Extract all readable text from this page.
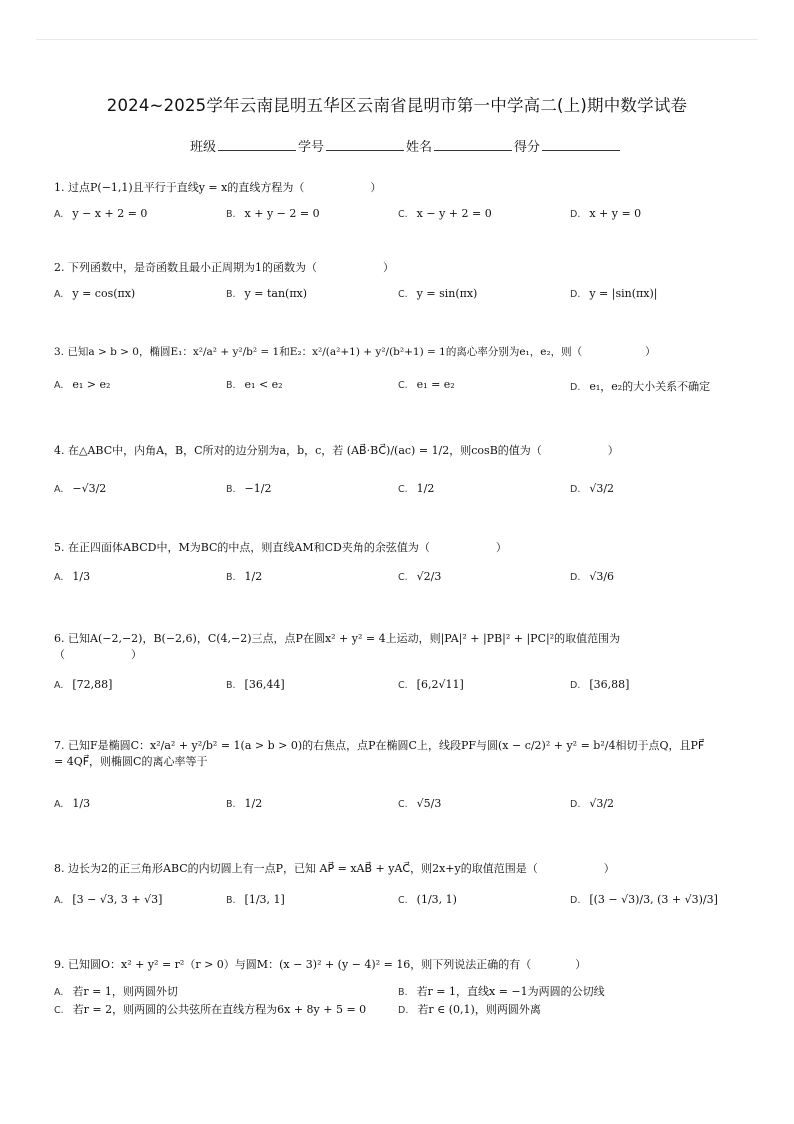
2024~2025学年云南昆明五华区云南省昆明市第一中学高二(上)期中数学试卷
班级	学号	姓名	得分
1. 过点P(−1,1)且平行于直线y = x的直线方程为（　　　　　　）
A. y − x + 2 = 0	B. x + y − 2 = 0	C. x − y + 2 = 0	D. x + y = 0
2. 下列函数中，是奇函数且最小正周期为1的函数为（　　　　　　）
A. y = cos(πx)	B. y = tan(πx)	C. y = sin(πx)	D. y = |sin(πx)|
3. 已知a > b > 0，椭圆E₁：x²/a² + y²/b² = 1和E₂：x²/(a²+1) + y²/(b²+1) = 1的离心率分别为e₁，e₂，则（　　　　　　）
A. e₁ > e₂	B. e₁ < e₂	C. e₁ = e₂	D. e₁，e₂的大小关系不确定
4. 在△ABC中，内角A，B，C所对的边分别为a，b，c，若 (AB⃗·BC⃗)/(ac) = 1/2，则cosB的值为（　　　　　　）
A. −√3/2	B. −1/2	C. 1/2	D. √3/2
5. 在正四面体ABCD中，M为BC的中点，则直线AM和CD夹角的余弦值为（　　　　　　）
A. 1/3	B. 1/2	C. √2/3	D. √3/6
6. 已知A(−2,−2)，B(−2,6)，C(4,−2)三点，点P在圆x² + y² = 4上运动，则|PA|² + |PB|² + |PC|²的取值范围为（　　　　　　）
A. [72,88]	B. [36,44]	C. [6,2√11]	D. [36,88]
7. 已知F是椭圆C：x²/a² + y²/b² = 1(a > b > 0)的右焦点，点P在椭圆C上，线段PF与圆(x − c/2)² + y² = b²/4相切于点Q，且PF⃗ = 4QF⃗，则椭圆C的离心率等于
A. 1/3	B. 1/2	C. √5/3	D. √3/2
8. 边长为2的正三角形ABC的内切圆上有一点P，已知 AP⃗ = xAB⃗ + yAC⃗，则2x+y的取值范围是（　　　　　　）
A. [3 − √3, 3 + √3]	B. [1/3, 1]	C. (1/3, 1)	D. [(3 − √3)/3, (3 + √3)/3]
9. 已知圆O：x² + y² = r²（r > 0）与圆M：(x − 3)² + (y − 4)² = 16，则下列说法正确的有（　　　　）
A. 若r = 1，则两圆外切	B. 若r = 1，直线x = −1为两圆的公切线
C. 若r = 2，则两圆的公共弦所在直线方程为6x + 8y + 5 = 0	D. 若r ∈ (0,1)，则两圆外离
